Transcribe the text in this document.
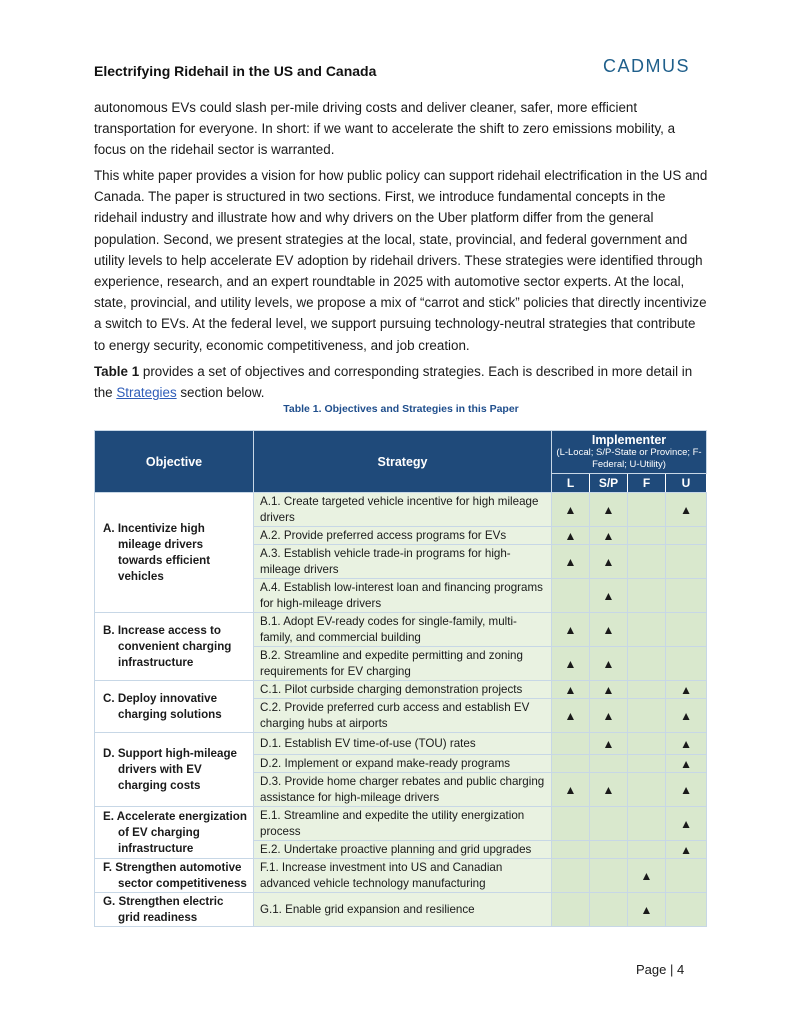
Electrifying Ridehail in the US and Canada	CADMUS

autonomous EVs could slash per-mile driving costs and deliver cleaner, safer, more efficient transportation for everyone. In short: if we want to accelerate the shift to zero emissions mobility, a focus on the ridehail sector is warranted.

This white paper provides a vision for how public policy can support ridehail electrification in the US and Canada. The paper is structured in two sections. First, we introduce fundamental concepts in the ridehail industry and illustrate how and why drivers on the Uber platform differ from the general population. Second, we present strategies at the local, state, provincial, and federal government and utility levels to help accelerate EV adoption by ridehail drivers. These strategies were identified through experience, research, and an expert roundtable in 2025 with automotive sector experts. At the local, state, provincial, and utility levels, we propose a mix of “carrot and stick” policies that directly incentivize a switch to EVs. At the federal level, we support pursuing technology-neutral strategies that contribute to energy security, economic competitiveness, and job creation.

Table 1 provides a set of objectives and corresponding strategies. Each is described in more detail in the Strategies section below.

Table 1. Objectives and Strategies in this Paper
Objective	Strategy	Implementer
(L-Local; S/P-State or Province; F-Federal; U-Utility)			

		L	S/P	F	U

A. Incentivize high mileage drivers towards efficient vehicles	A.1. Create targeted vehicle incentive for high mileage drivers	▲	▲		▲
	A.2. Provide preferred access programs for EVs	▲	▲		
	A.3. Establish vehicle trade-in programs for high-mileage drivers	▲	▲		
	A.4. Establish low-interest loan and financing programs for high-mileage drivers		▲		

B. Increase access to convenient charging infrastructure	B.1. Adopt EV-ready codes for single-family, multi-family, and commercial building	▲	▲		
	B.2. Streamline and expedite permitting and zoning requirements for EV charging	▲	▲		

C. Deploy innovative charging solutions	C.1. Pilot curbside charging demonstration projects	▲	▲		▲
	C.2. Provide preferred curb access and establish EV charging hubs at airports	▲	▲		▲

D. Support high-mileage drivers with EV charging costs	D.1. Establish EV time-of-use (TOU) rates		▲		▲
	D.2. Implement or expand make-ready programs				▲
	D.3. Provide home charger rebates and public charging assistance for high-mileage drivers	▲	▲		▲

E. Accelerate energization of EV charging infrastructure	E.1. Streamline and expedite the utility energization process				▲
	E.2. Undertake proactive planning and grid upgrades				▲

F. Strengthen automotive sector competitiveness	F.1. Increase investment into US and Canadian advanced vehicle technology manufacturing			▲	

G. Strengthen electric grid readiness	G.1. Enable grid expansion and resilience			▲	
Page | 4
